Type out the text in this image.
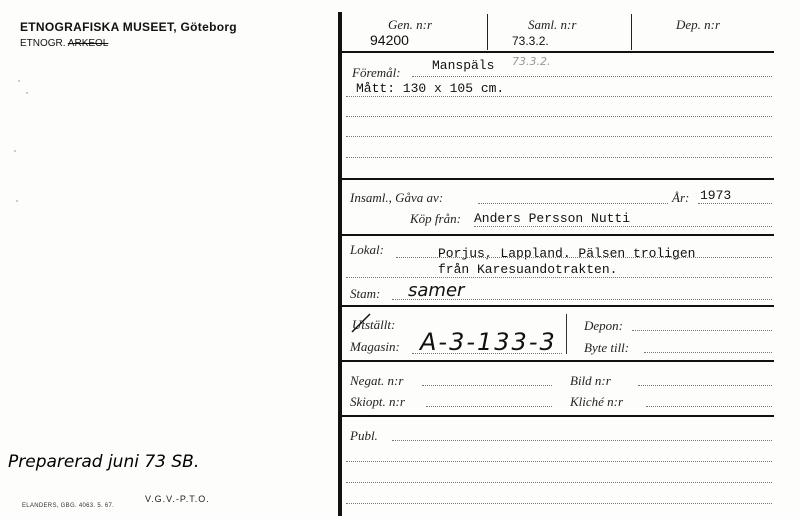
ETNOGRAFISKA MUSEET, Göteborg
ETNOGR. ARKEOL
Gen. n:r
94200
Saml. n:r
73.3.2.
Dep. n:r
Föremål: Manspäls 73.3.2.
Mått: 130 x 105 cm.
Insaml., Gåva av:	År: 1973
Köp från: Anders Persson Nutti
Lokal:	Porjus, Lappland. Pälsen troligen
från Karesuandotrakten.
Stam: samer
Utställt:
Magasin: A-3-133-3
Depon:
Byte till:
Negat. n:r	Bild n:r
Skiopt. n:r	Kliché n:r
Publ.
Preparerad juni 73 SB.
V.G.V.-P.T.O.
ELANDERS, GBG. 4063. 5. 67.
